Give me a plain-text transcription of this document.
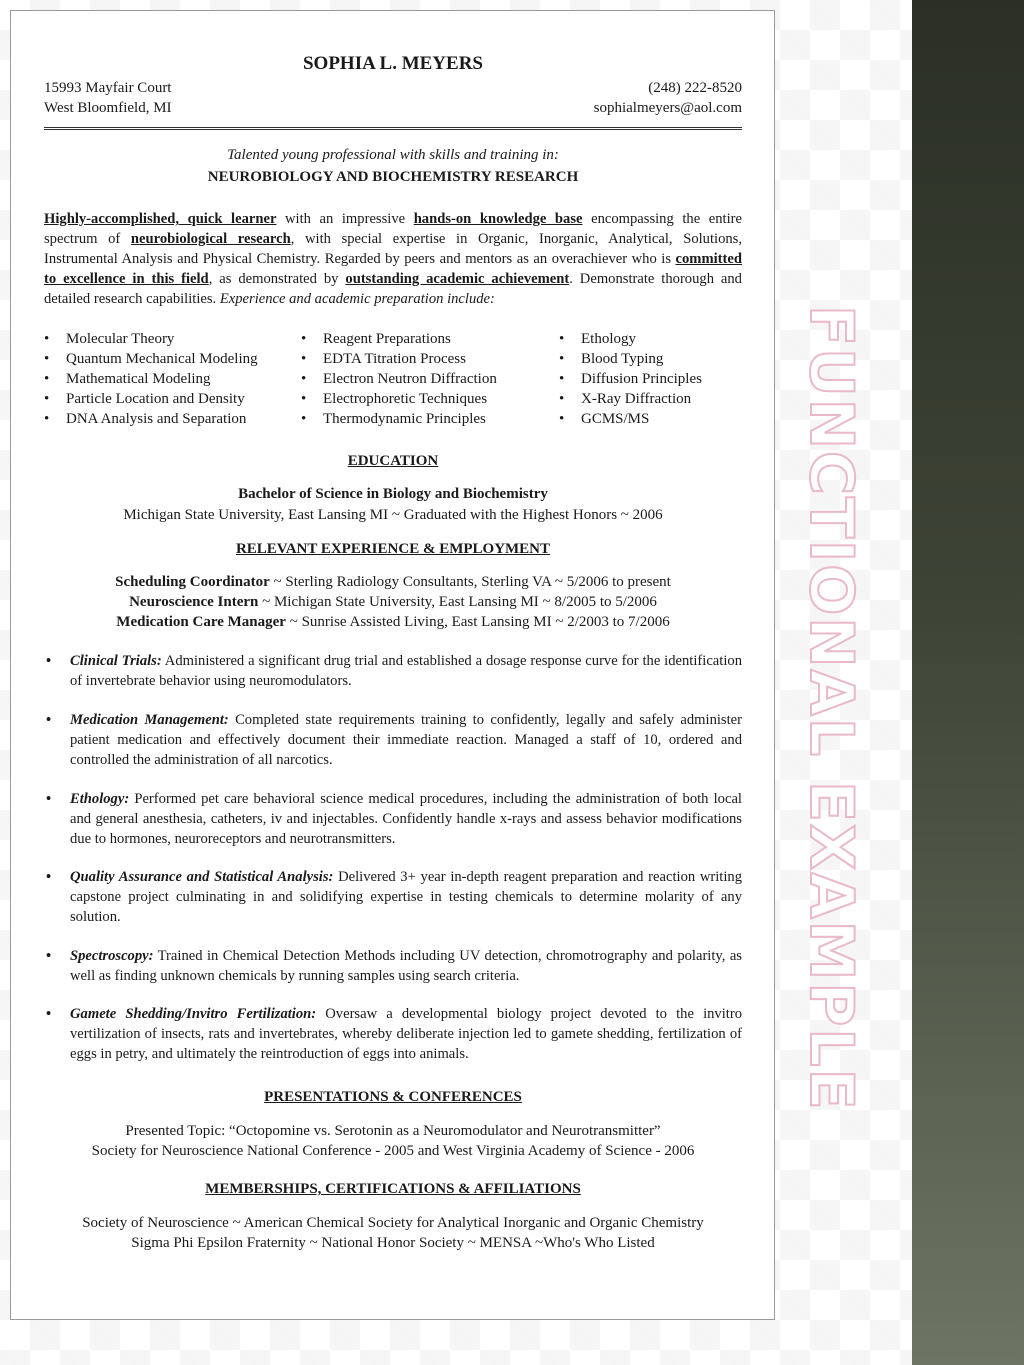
FUNCTIONAL EXAMPLE
SOPHIA L. MEYERS
15993 Mayfair Court
West Bloomfield, MI
(248) 222-8520
sophialmeyers@aol.com
Talented young professional with skills and training in:
NEUROBIOLOGY AND BIOCHEMISTRY RESEARCH
Highly-accomplished, quick learner with an impressive hands-on knowledge base encompassing the entire spectrum of neurobiological research, with special expertise in Organic, Inorganic, Analytical, Solutions, Instrumental Analysis and Physical Chemistry. Regarded by peers and mentors as an overachiever who is committed to excellence in this field, as demonstrated by outstanding academic achievement. Demonstrate thorough and detailed research capabilities. Experience and academic preparation include:
• Molecular Theory
• Quantum Mechanical Modeling
• Mathematical Modeling
• Particle Location and Density
• DNA Analysis and Separation
• Reagent Preparations
• EDTA Titration Process
• Electron Neutron Diffraction
• Electrophoretic Techniques
• Thermodynamic Principles
• Ethology
• Blood Typing
• Diffusion Principles
• X-Ray Diffraction
• GCMS/MS
EDUCATION
Bachelor of Science in Biology and Biochemistry
Michigan State University, East Lansing MI ~ Graduated with the Highest Honors ~ 2006
RELEVANT EXPERIENCE & EMPLOYMENT
Scheduling Coordinator ~ Sterling Radiology Consultants, Sterling VA ~ 5/2006 to present
Neuroscience Intern ~ Michigan State University, East Lansing MI ~ 8/2005 to 5/2006
Medication Care Manager ~ Sunrise Assisted Living, East Lansing MI ~ 2/2003 to 7/2006
• Clinical Trials: Administered a significant drug trial and established a dosage response curve for the identification of invertebrate behavior using neuromodulators.
• Medication Management: Completed state requirements training to confidently, legally and safely administer patient medication and effectively document their immediate reaction. Managed a staff of 10, ordered and controlled the administration of all narcotics.
• Ethology: Performed pet care behavioral science medical procedures, including the administration of both local and general anesthesia, catheters, iv and injectables. Confidently handle x-rays and assess behavior modifications due to hormones, neuroreceptors and neurotransmitters.
• Quality Assurance and Statistical Analysis: Delivered 3+ year in-depth reagent preparation and reaction writing capstone project culminating in and solidifying expertise in testing chemicals to determine molarity of any solution.
• Spectroscopy: Trained in Chemical Detection Methods including UV detection, chromotrography and polarity, as well as finding unknown chemicals by running samples using search criteria.
• Gamete Shedding/Invitro Fertilization: Oversaw a developmental biology project devoted to the invitro vertilization of insects, rats and invertebrates, whereby deliberate injection led to gamete shedding, fertilization of eggs in petry, and ultimately the reintroduction of eggs into animals.
PRESENTATIONS & CONFERENCES
Presented Topic: “Octopomine vs. Serotonin as a Neuromodulator and Neurotransmitter”
Society for Neuroscience National Conference - 2005 and West Virginia Academy of Science - 2006
MEMBERSHIPS, CERTIFICATIONS & AFFILIATIONS
Society of Neuroscience ~ American Chemical Society for Analytical Inorganic and Organic Chemistry
Sigma Phi Epsilon Fraternity ~ National Honor Society ~ MENSA ~Who's Who Listed
